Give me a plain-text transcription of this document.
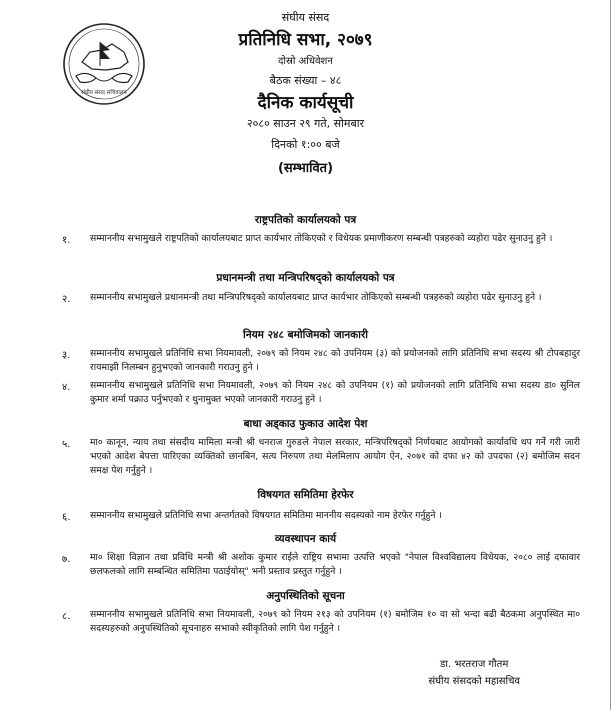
संघीय संसद सचिवालय
संघीय संसद
प्रतिनिधि सभा, २०७९
दोस्रो अधिवेशन
बैठक संख्या – ४८
दैनिक कार्यसूची
२०८० साउन २९ गते, सोमबार
दिनको १:०० बजे
(सम्भावित)
राष्ट्रपतिको कार्यालयको पत्र
१. सम्माननीय सभामुखले राष्ट्रपतिको कार्यालयबाट प्राप्त कार्यभार तोकिएको र विधेयक प्रमाणीकरण सम्बन्धी पत्रहरुको व्यहोरा पढेर सुनाउनु हुने ।
प्रधानमन्त्री तथा मन्त्रिपरिषद्को कार्यालयको पत्र
२. सम्माननीय सभामुखले प्रधानमन्त्री तथा मन्त्रिपरिषद्को कार्यालयबाट प्राप्त कार्यभार तोकिएको सम्बन्धी पत्रहरुको व्यहोरा पढेर सुनाउनु हुने ।
नियम २४८ बमोजिमको जानकारी
३. सम्माननीय सभामुखले प्रतिनिधि सभा नियमावली, २०७९ को नियम २४८ को उपनियम (३) को प्रयोजनको लागि प्रतिनिधि सभा सदस्य श्री टोपबहादुर रायमाझी निलम्बन हुनुभएको जानकारी गराउनु हुने ।
४. सम्माननीय सभामुखले प्रतिनिधि सभा नियमावली, २०७९ को नियम २४८ को उपनियम (१) को प्रयोजनको लागि प्रतिनिधि सभा सदस्य डा० सुनिल कुमार शर्मा पक्राउ पर्नुभएको र थुनामुक्त भएको जानकारी गराउनु हुने ।
बाधा अड्काउ फुकाउ आदेश पेश
५. मा० कानून, न्याय तथा संसदीय मामिला मन्त्री श्री धनराज गुरुङले नेपाल सरकार, मन्त्रिपरिषद्को निर्णयबाट आयोगको कार्यावधि थप गर्ने गरी जारी भएको आदेश बेपत्ता पारिएका व्यक्तिको छानबिन, सत्य निरुपण तथा मेलमिलाप आयोग ऐन, २०७१ को दफा ४२ को उपदफा (२) बमोजिम सदन समक्ष पेश गर्नुहुने ।
विषयगत समितिमा हेरफेर
६. सम्माननीय सभामुखले प्रतिनिधि सभा अन्तर्गतको विषयगत समितिमा माननीय सदस्यको नाम हेरफेर गर्नुहुने ।
व्यवस्थापन कार्य
७. मा० शिक्षा विज्ञान तथा प्रविधि मन्त्री श्री अशोक कुमार राईले राष्ट्रिय सभामा उत्पत्ति भएको "नेपाल विश्वविद्यालय विधेयक, २०८० लाई दफावार छलफलको लागि सम्बन्धित समितिमा पठाईयोस्" भनी प्रस्ताव प्रस्तुत गर्नुहुने ।
अनुपस्थितिको सूचना
८. सम्माननीय सभामुखले प्रतिनिधि सभा नियमावली, २०७९ को नियम २१३ को उपनियम (१) बमोजिम १० वा सो भन्दा बढी बैठकमा अनुपस्थित मा० सदस्यहरुको अनुपस्थितिको सूचनाहरु सभाको स्वीकृतिको लागि पेश गर्नुहुने ।
डा. भरतराज गौतम
संघीय संसदको महासचिव
